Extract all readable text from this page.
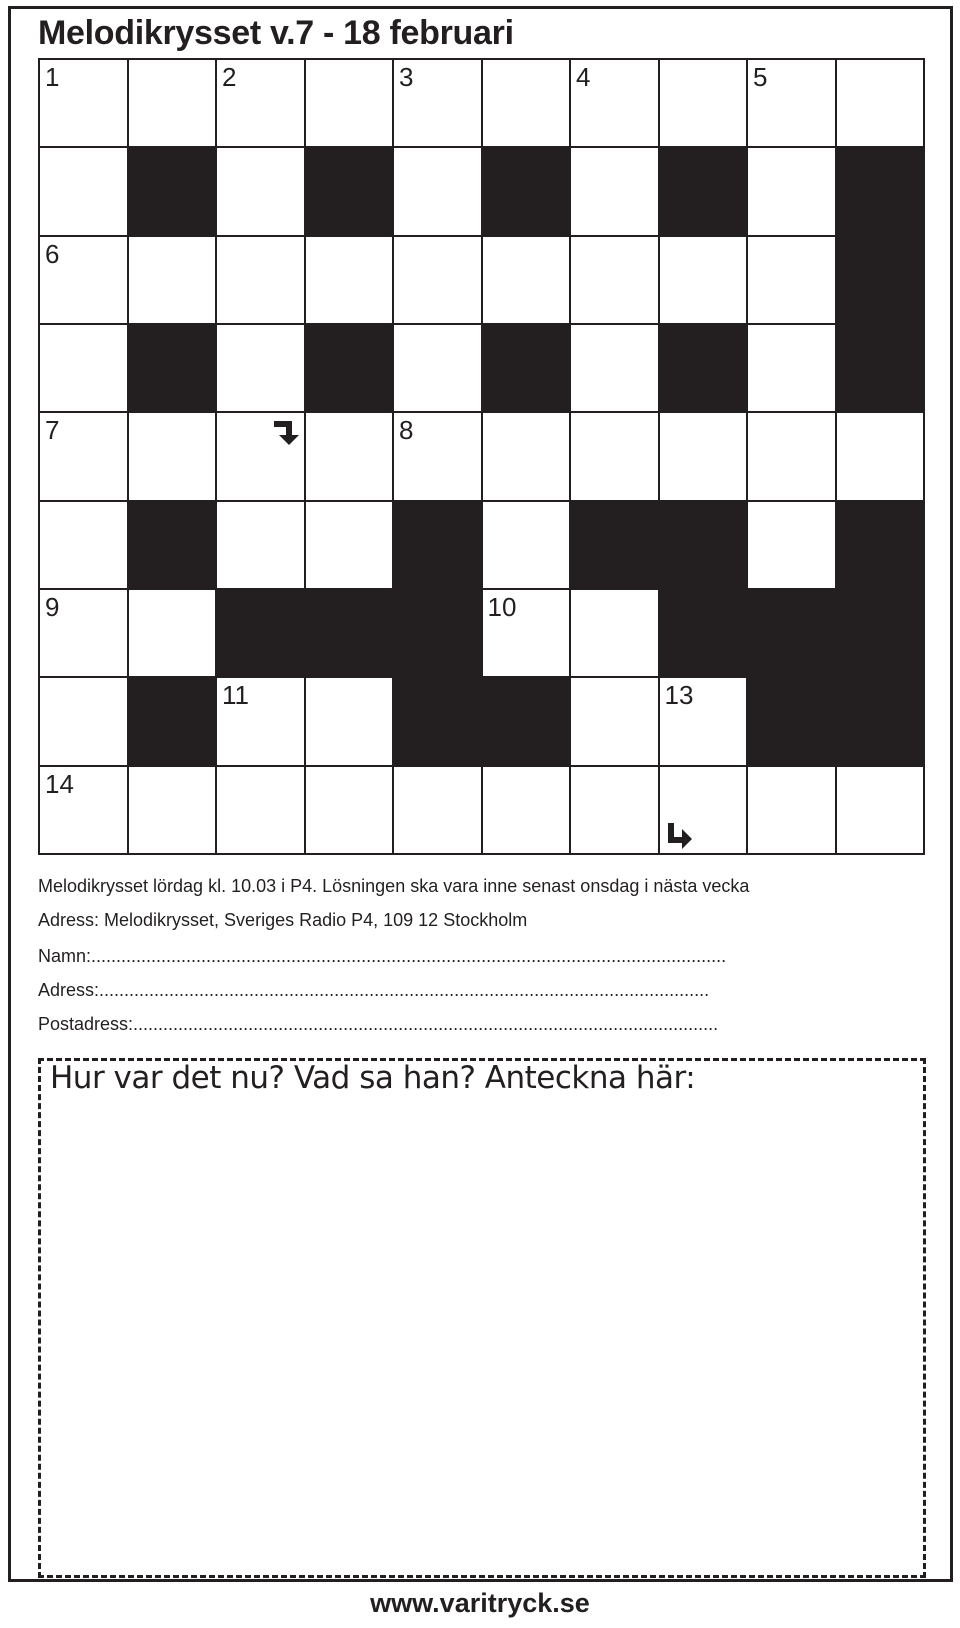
Melodikrysset v.7 - 18 februari
1	2	3	4	5
6
7	8
9	10
11	12	13
14
Melodikrysset lördag kl. 10.03 i P4. Lösningen ska vara inne senast onsdag i nästa vecka
Adress: Melodikrysset, Sveriges Radio P4, 109 12 Stockholm
Namn:...............................................................................................................................
Adress:..........................................................................................................................
Postadress:.....................................................................................................................
Hur var det nu? Vad sa han? Anteckna här:
www.varitryck.se
